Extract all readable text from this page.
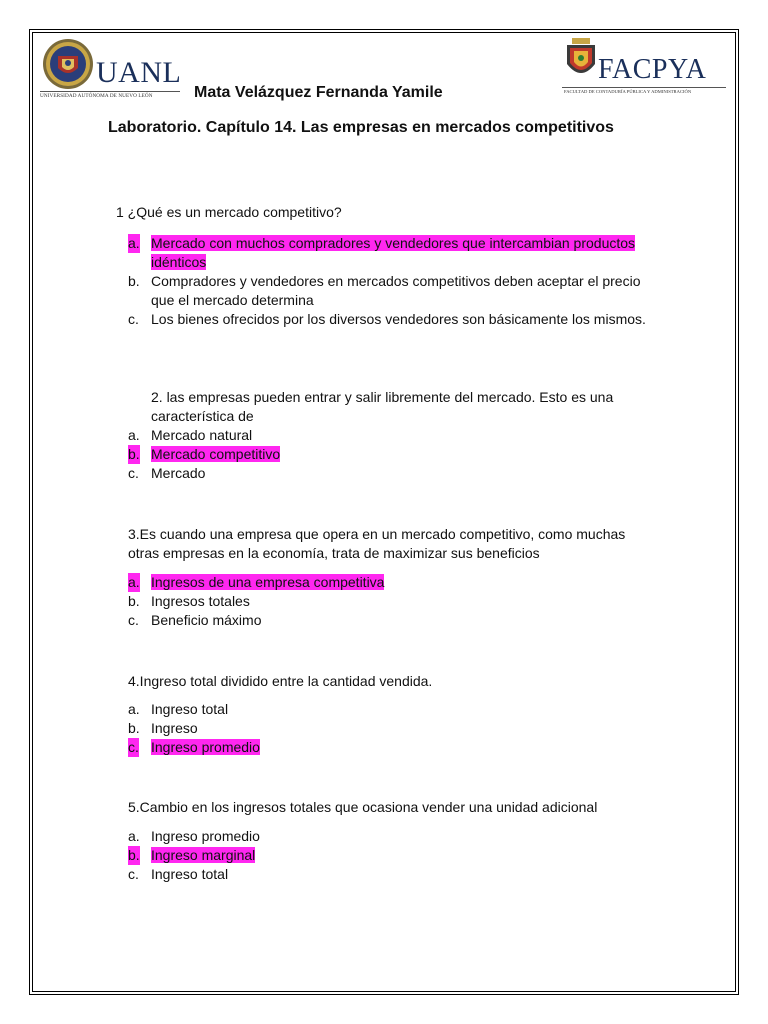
UANL
UNIVERSIDAD AUTÓNOMA DE NUEVO LEÓN
FACPYA
FACULTAD DE CONTADURÍA PÚBLICA Y ADMINISTRACIÓN
Mata Velázquez Fernanda Yamile
Laboratorio. Capítulo 14. Las empresas en mercados competitivos
1 ¿Qué es un mercado competitivo?
a. Mercado con muchos compradores y vendedores que intercambian productos idénticos
b. Compradores y vendedores en mercados competitivos deben aceptar el precio que el mercado determina
c. Los bienes ofrecidos por los diversos vendedores son básicamente los mismos.
2. las empresas pueden entrar y salir libremente del mercado. Esto es una característica de
a. Mercado natural
b. Mercado competitivo
c. Mercado
3.Es cuando una empresa que opera en un mercado competitivo, como muchas otras empresas en la economía, trata de maximizar sus beneficios
a. Ingresos de una empresa competitiva
b. Ingresos totales
c. Beneficio máximo
4.Ingreso total dividido entre la cantidad vendida.
a. Ingreso total
b. Ingreso
c. Ingreso promedio
5.Cambio en los ingresos totales que ocasiona vender una unidad adicional
a. Ingreso promedio
b. Ingreso marginal
c. Ingreso total
